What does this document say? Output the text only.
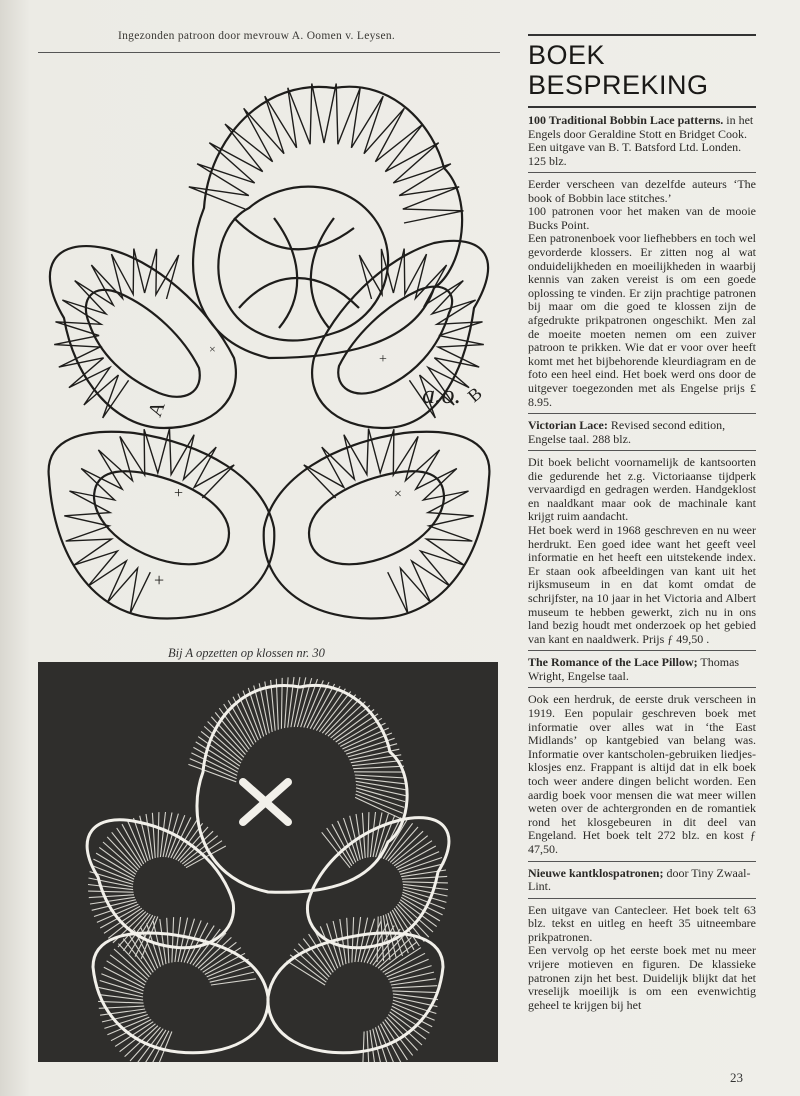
Ingezonden patroon door mevrouw A. Oomen v. Leysen.
A
a.o. B
+
+
+
×
×
Bij A opzetten op klossen nr. 30
BOEK
BESPREKING

100 Traditional Bobbin Lace patterns. in het Engels door Geraldine Stott en Bridget Cook. Een uitgave van B. T. Batsford Ltd. Londen. 125 blz.

Eerder verscheen van dezelfde auteurs ‘The book of Bobbin lace stitches.’

100 patronen voor het maken van de mooie Bucks Point.

Een patronenboek voor liefhebbers en toch wel gevorderde klossers. Er zitten nog al wat onduidelijkheden en moeilijkheden in waarbij kennis van zaken vereist is om een goede oplossing te vinden. Er zijn prachtige patronen bij maar om die goed te klossen zijn de afgedrukte prikpatronen ongeschikt. Men zal de moeite moeten nemen om een zuiver patroon te prikken. Wie dat er voor over heeft komt met het bijbehorende kleurdiagram en de foto een heel eind. Het boek werd ons door de uitgever toegezonden met als Engelse prijs £ 8.95.

Victorian Lace: Revised second edition, Engelse taal. 288 blz.

Dit boek belicht voornamelijk de kantsoorten die gedurende het z.g. Victoriaanse tijdperk vervaardigd en gedragen werden. Handgeklost en naaldkant maar ook de machinale kant krijgt ruim aandacht.

Het boek werd in 1968 geschreven en nu weer herdrukt. Een goed idee want het geeft veel informatie en het heeft een uitstekende index. Er staan ook afbeeldingen van kant uit het rijksmuseum in en dat komt omdat de schrijfster, na 10 jaar in het Victoria and Albert museum te hebben gewerkt, zich nu in ons land bezig houdt met onderzoek op het gebied van kant en naaldwerk. Prijs ƒ 49,50 .

The Romance of the Lace Pillow; Thomas Wright, Engelse taal.

Ook een herdruk, de eerste druk verscheen in 1919. Een populair geschreven boek met informatie over alles wat in ‘the East Midlands’ op kantgebied van belang was. Informatie over kantscholen-gebruiken liedjes-klosjes enz. Frappant is altijd dat in elk boek toch weer andere dingen belicht worden. Een aardig boek voor mensen die wat meer willen weten over de achtergronden en de romantiek rond het klosgebeuren in dit deel van Engeland. Het boek telt 272 blz. en kost ƒ 47,50.

Nieuwe kantklospatronen; door Tiny Zwaal-Lint.

Een uitgave van Cantecleer. Het boek telt 63 blz. tekst en uitleg en heeft 35 uitneembare prikpatronen.

Een vervolg op het eerste boek met nu meer vrijere motieven en figuren. De klassieke patronen zijn het best. Duidelijk blijkt dat het vreselijk moeilijk is om een evenwichtig geheel te krijgen bij het

23
